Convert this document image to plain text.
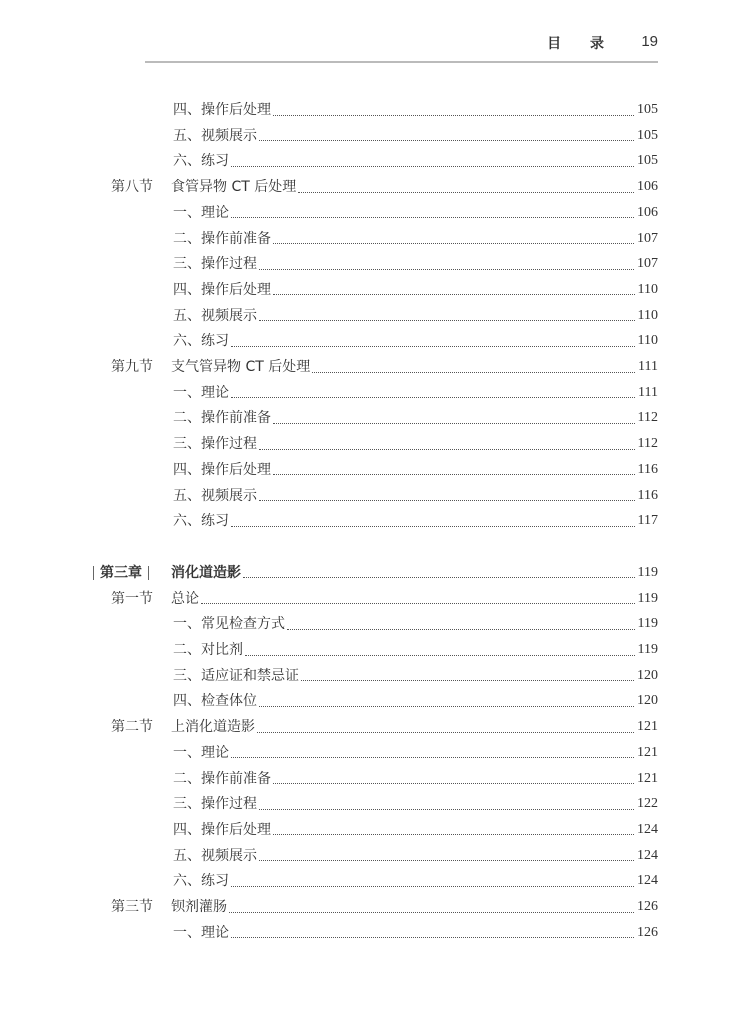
目 录 19
四、操作后处理	105
五、视频展示	105
六、练习	105
第八节 食管异物 CT 后处理	106
一、理论	106
二、操作前准备	107
三、操作过程	107
四、操作后处理	110
五、视频展示	110
六、练习	110
第九节 支气管异物 CT 后处理	111
一、理论	111
二、操作前准备	112
三、操作过程	112
四、操作后处理	116
五、视频展示	116
六、练习	117
第三章	消化道造影	119
第一节 总论	119
一、常见检查方式	119
二、对比剂	119
三、适应证和禁忌证	120
四、检查体位	120
第二节 上消化道造影	121
一、理论	121
二、操作前准备	121
三、操作过程	122
四、操作后处理	124
五、视频展示	124
六、练习	124
第三节 钡剂灌肠	126
一、理论	126
